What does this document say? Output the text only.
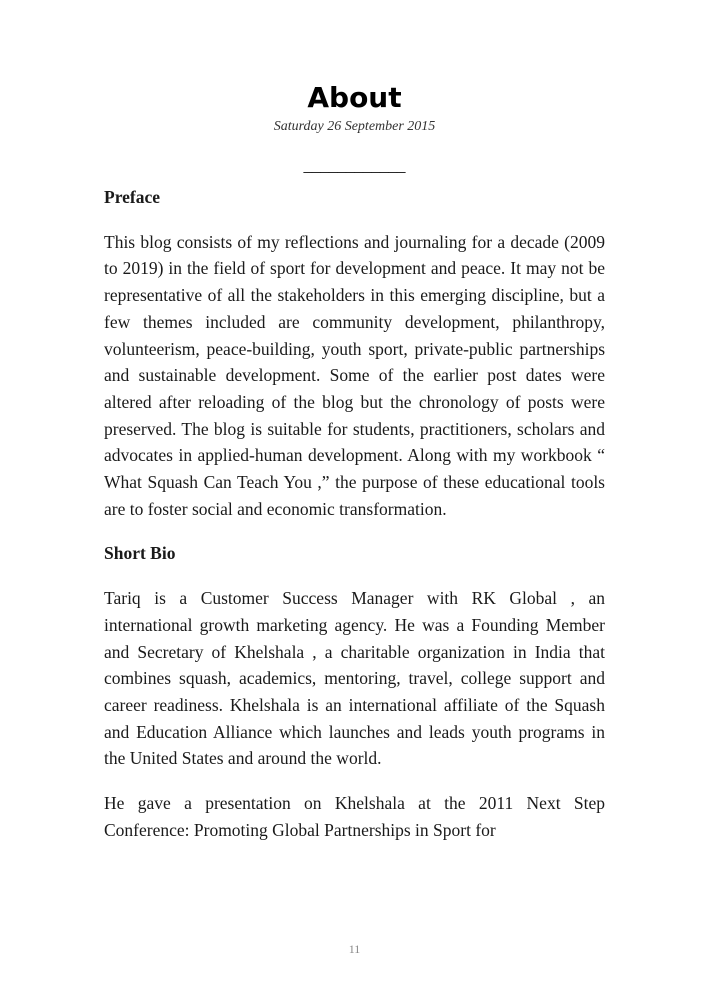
About
Saturday 26 September 2015
____________
Preface
This blog consists of my reflections and journaling for a decade (2009 to 2019) in the field of sport for development and peace. It may not be representative of all the stakeholders in this emerging discipline, but a few themes included are community development, philanthropy, volunteerism, peace-building, youth sport, private-public partnerships and sustainable development. Some of the earlier post dates were altered after reloading of the blog but the chronology of posts were preserved. The blog is suitable for students, practitioners, scholars and advocates in applied-human development. Along with my workbook “ What Squash Can Teach You ,” the purpose of these educational tools are to foster social and economic transformation.
Short Bio
Tariq is a Customer Success Manager with RK Global , an international growth marketing agency. He was a Founding Member and Secretary of Khelshala , a charitable organization in India that combines squash, academics, mentoring, travel, college support and career readiness. Khelshala is an international affiliate of the Squash and Education Alliance which launches and leads youth programs in the United States and around the world.
He gave a presentation on Khelshala at the 2011 Next Step Conference: Promoting Global Partnerships in Sport for
11
